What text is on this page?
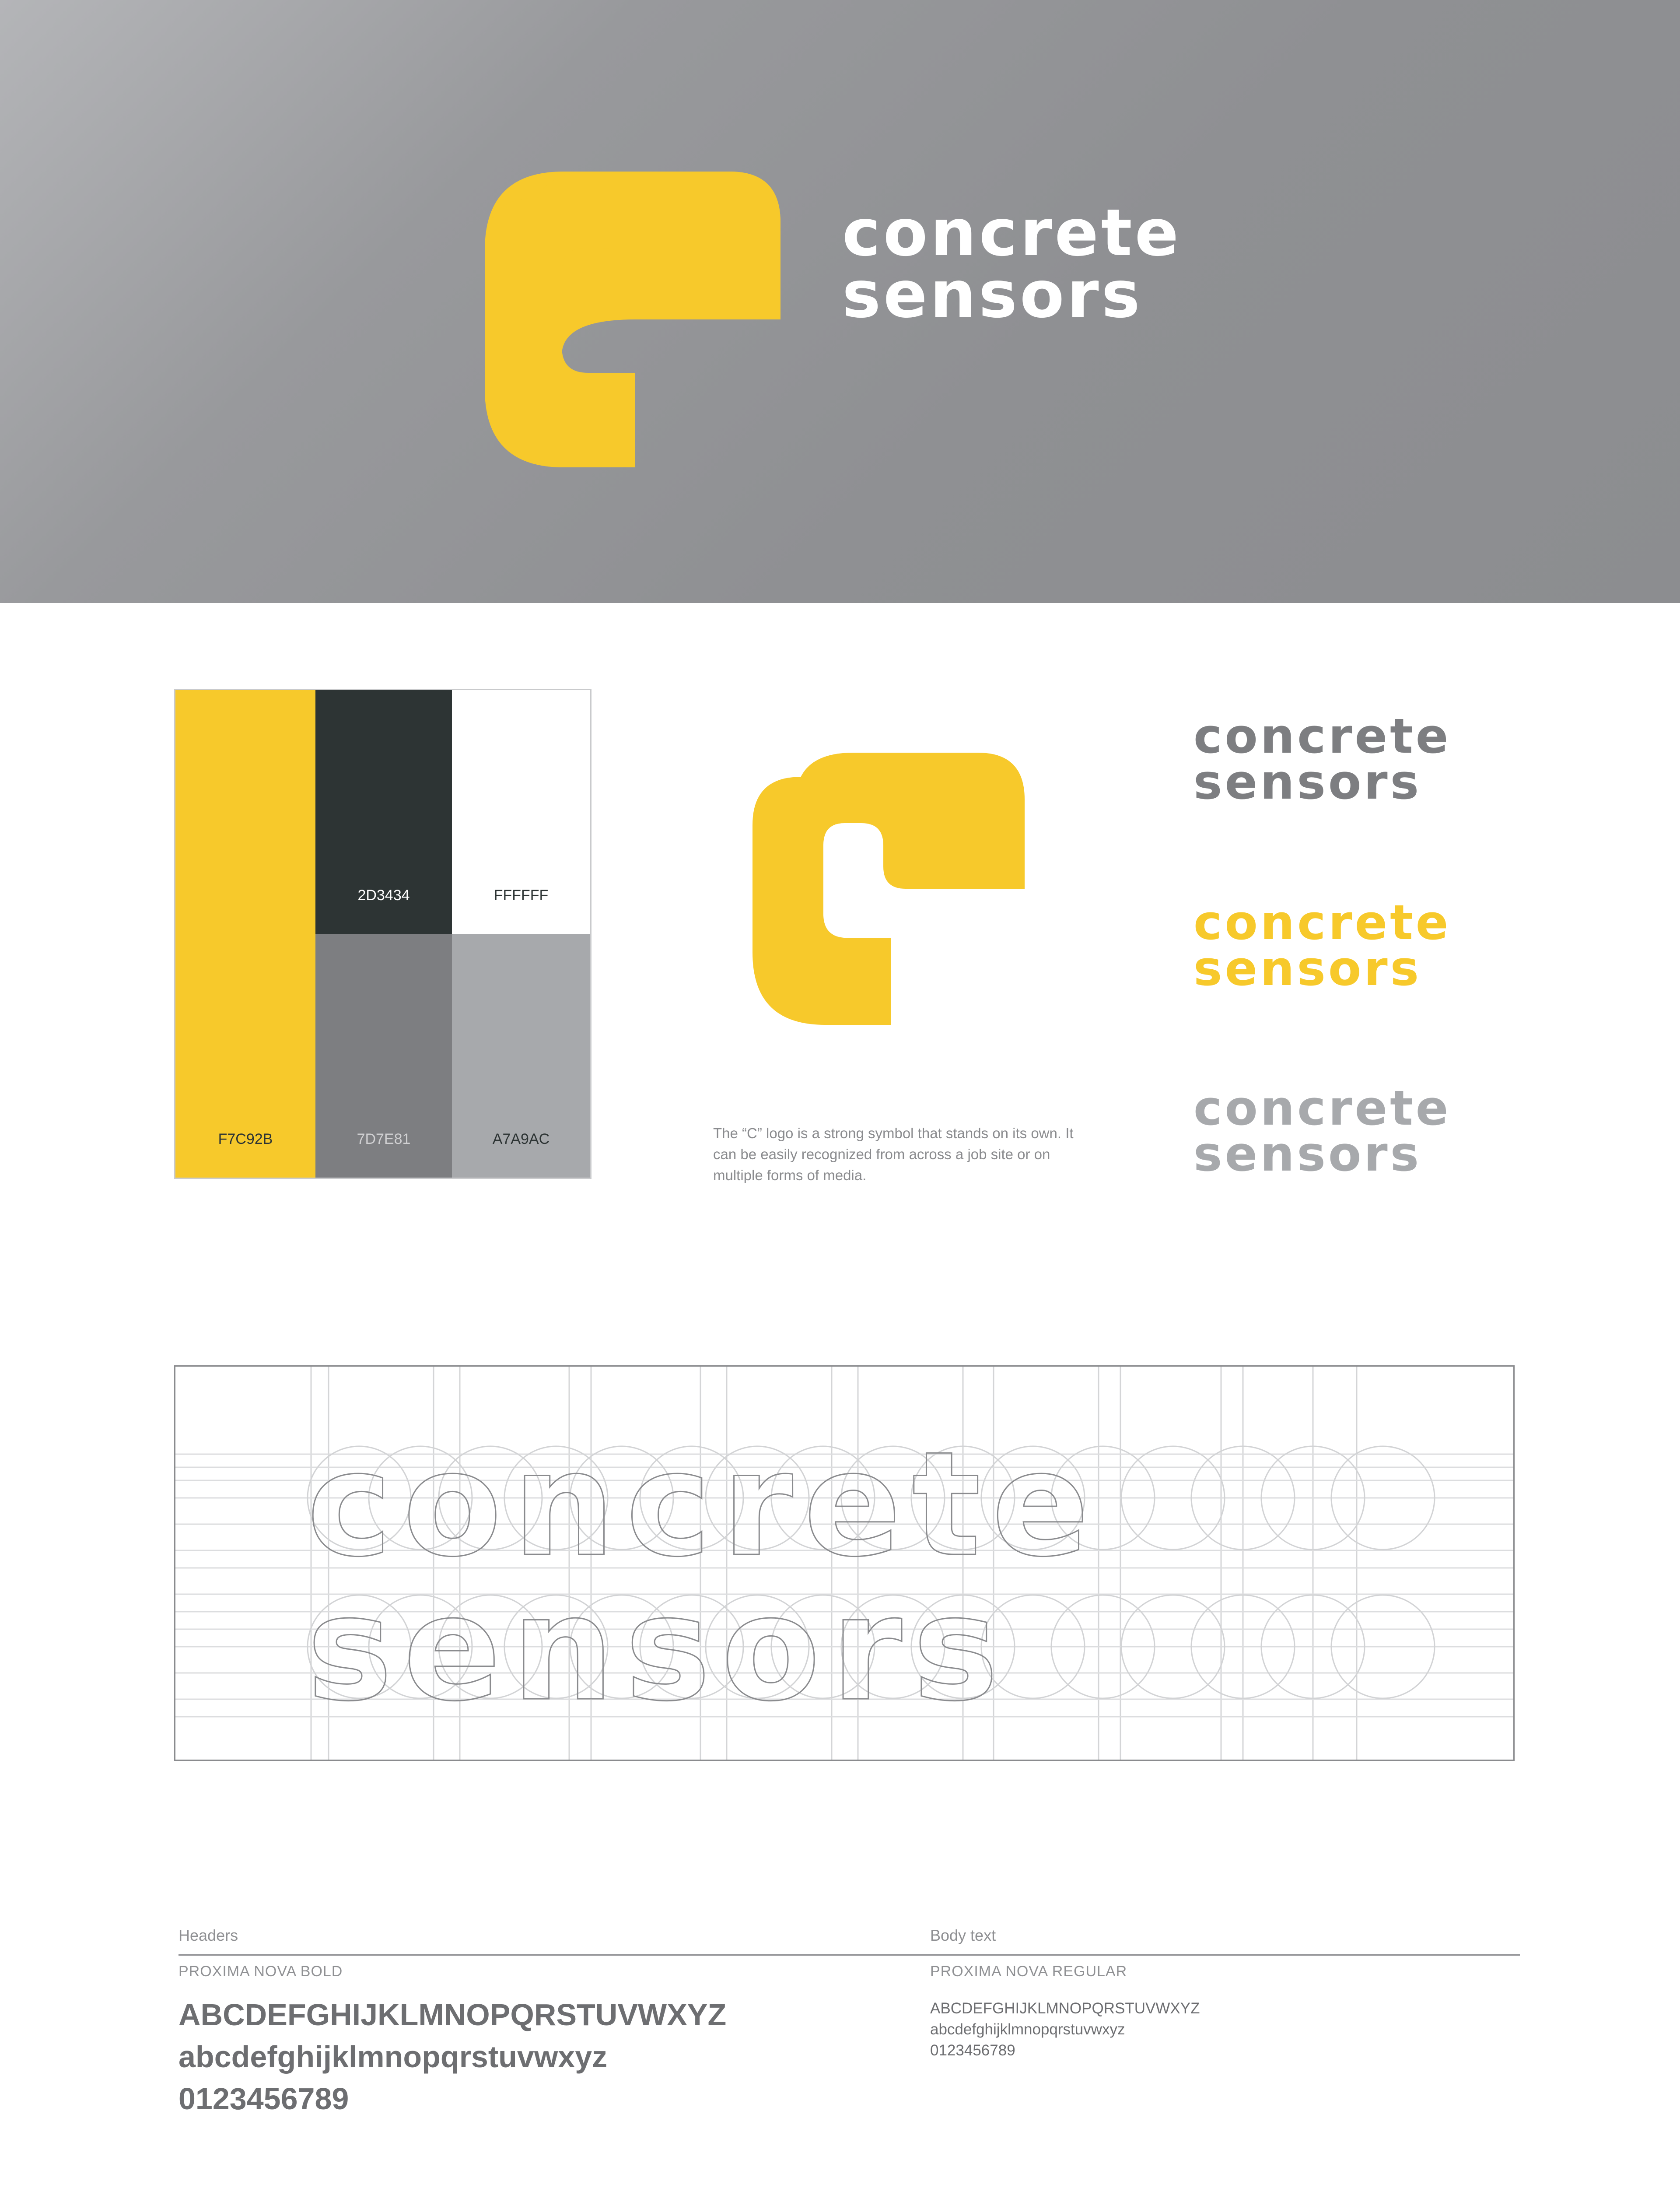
concrete
sensors
F7C92B
2D3434	FFFFFF
7D7E81	A7A9AC	The “C” logo is a strong symbol that stands on its own. It can be easily recognized from across a job site or on multiple forms of media.
concrete
sensors
concrete
sensors
concrete
sensors
concrete
sensors
Headers
PROXIMA NOVA BOLD
ABCDEFGHIJKLMNOPQRSTUVWXYZ
abcdefghijklmnopqrstuvwxyz
0123456789
Body text
PROXIMA NOVA REGULAR
ABCDEFGHIJKLMNOPQRSTUVWXYZ
abcdefghijklmnopqrstuvwxyz
0123456789
